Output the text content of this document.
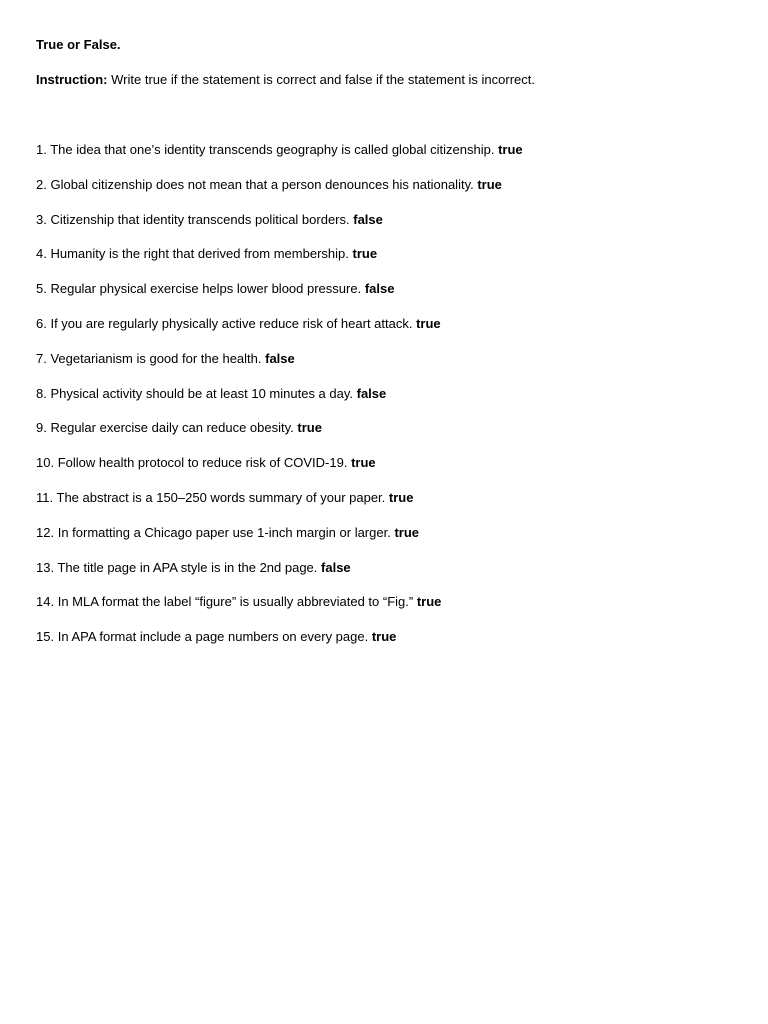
True or False.

Instruction: Write true if the statement is correct and false if the statement is incorrect.
1. The idea that one’s identity transcends geography is called global citizenship. true
2. Global citizenship does not mean that a person denounces his nationality. true
3. Citizenship that identity transcends political borders. false
4. Humanity is the right that derived from membership. true
5. Regular physical exercise helps lower blood pressure. false
6. If you are regularly physically active reduce risk of heart attack. true
7. Vegetarianism is good for the health. false
8. Physical activity should be at least 10 minutes a day. false
9. Regular exercise daily can reduce obesity. true
10. Follow health protocol to reduce risk of COVID-19. true
11. The abstract is a 150–250 words summary of your paper. true
12. In formatting a Chicago paper use 1-inch margin or larger. true
13. The title page in APA style is in the 2nd page. false
14. In MLA format the label “figure” is usually abbreviated to “Fig.” true
15. In APA format include a page numbers on every page. true
